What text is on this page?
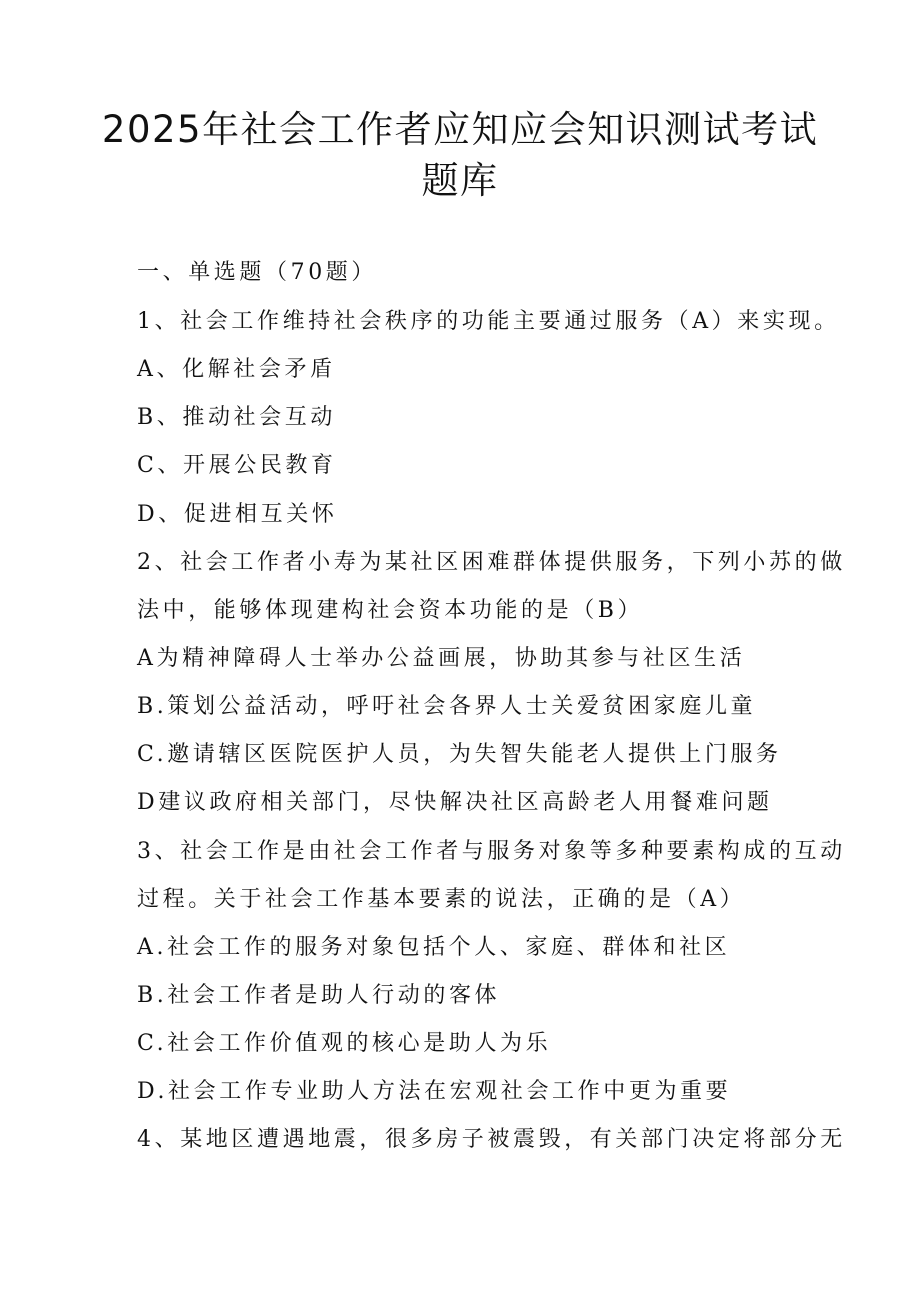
2025年社会工作者应知应会知识测试考试
题库
一、单选题（70题）
1、社会工作维持社会秩序的功能主要通过服务（A）来实现。
A、化解社会矛盾
B、推动社会互动
C、开展公民教育
D、促进相互关怀
2、社会工作者小寿为某社区困难群体提供服务，下列小苏的做
法中，能够体现建构社会资本功能的是（B）
A为精神障碍人士举办公益画展，协助其参与社区生活
B.策划公益活动，呼吁社会各界人士关爱贫困家庭儿童
C.邀请辖区医院医护人员，为失智失能老人提供上门服务
D建议政府相关部门，尽快解决社区高龄老人用餐难问题
3、社会工作是由社会工作者与服务对象等多种要素构成的互动
过程。关于社会工作基本要素的说法，正确的是（A）
A.社会工作的服务对象包括个人、家庭、群体和社区
B.社会工作者是助人行动的客体
C.社会工作价值观的核心是助人为乐
D.社会工作专业助人方法在宏观社会工作中更为重要
4、某地区遭遇地震，很多房子被震毁，有关部门决定将部分无
